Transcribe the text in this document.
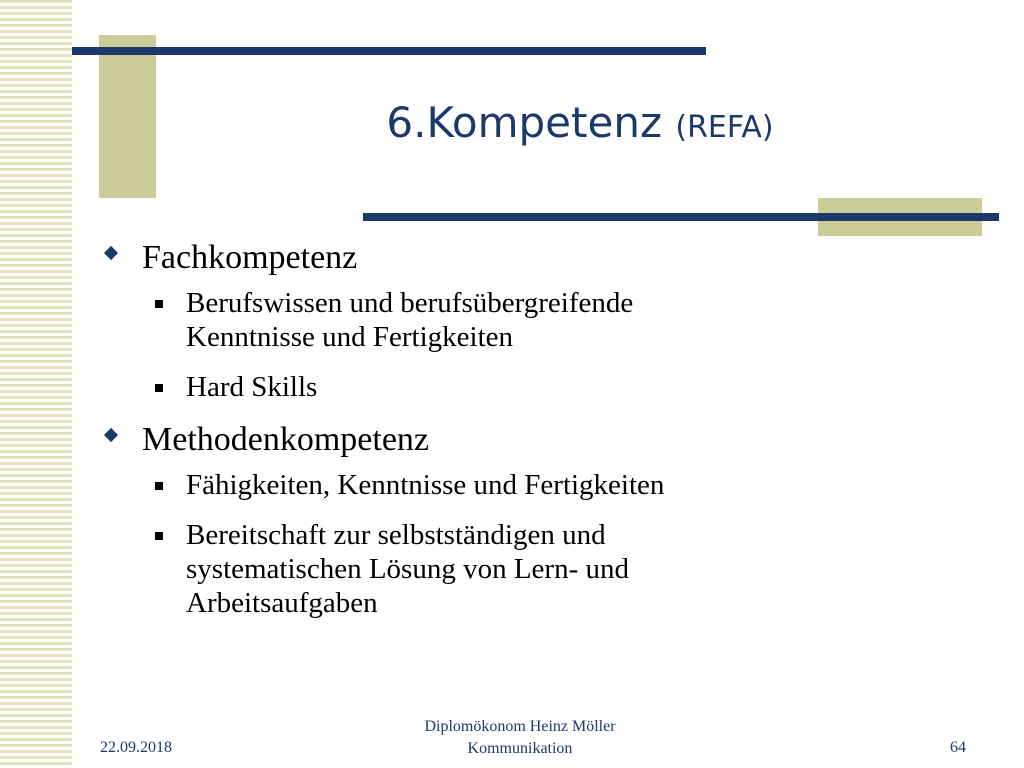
6.Kompetenz (REFA)
Fachkompetenz
Berufswissen und berufsübergreifende
Kenntnisse und Fertigkeiten
Hard Skills
Methodenkompetenz
Fähigkeiten, Kenntnisse und Fertigkeiten
Bereitschaft zur selbstständigen und
systematischen Lösung von Lern- und
Arbeitsaufgaben
22.09.2018
Diplomökonom Heinz Möller
Kommunikation	64
